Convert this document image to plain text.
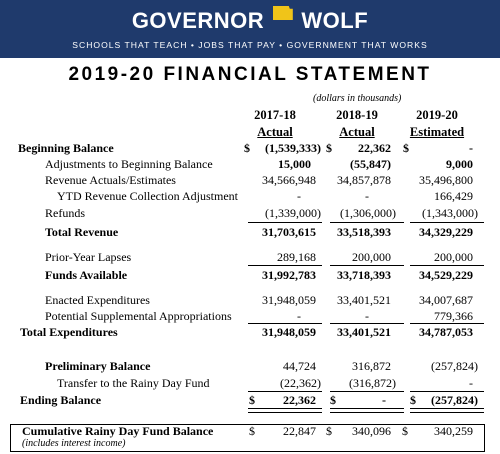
GOVERNOR WOLF
SCHOOLS THAT TEACH • JOBS THAT PAY • GOVERNMENT THAT WORKS
2019-20 FINANCIAL STATEMENT
(dollars in thousands)
2017-18	2018-19	2019-20
Actual	Actual	Estimated
Beginning Balance	$ (1,539,333) $ 22,362 $	-
Adjustments to Beginning Balance	15,000	(55,847)	9,000
Revenue Actuals/Estimates	34,566,948 34,857,878 35,496,800
YTD Revenue Collection Adjustment	-	-	166,429
Refunds	(1,339,000) (1,306,000) (1,343,000)
Total Revenue	31,703,615 33,518,393 34,329,229
Prior-Year Lapses	289,168	200,000	200,000
Funds Available	31,992,783 33,718,393 34,529,229
Enacted Expenditures	31,948,059 33,401,521 34,007,687
Potential Supplemental Appropriations	-	-	779,366
Total Expenditures	31,948,059 33,401,521 34,787,053
Preliminary Balance	44,724	316,872	(257,824)
Transfer to the Rainy Day Fund	(22,362) (316,872)	-
Ending Balance	$ 22,362 $	- $ (257,824)
Cumulative Rainy Day Fund Balance
(includes interest income)
$ 22,847 $ 340,096 $ 340,259
